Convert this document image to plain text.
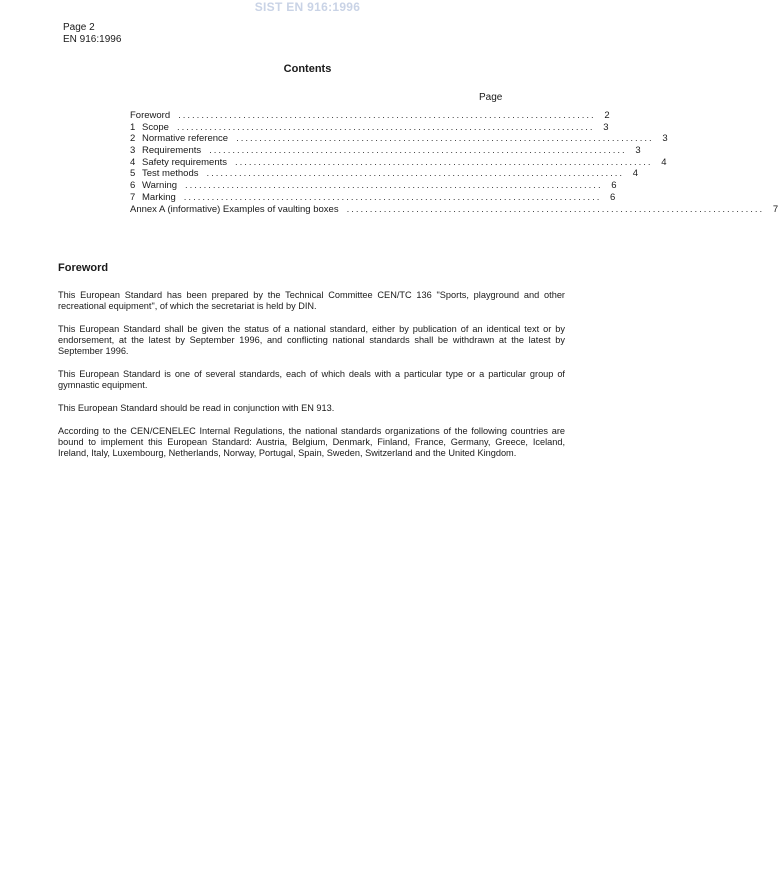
SIST EN 916:1996
Page 2
EN 916:1996
Contents
Page
Foreword .......................................................................................... 2
1 Scope .......................................................................................... 3
2 Normative reference .......................................................................................... 3
3 Requirements .......................................................................................... 3
4 Safety requirements .......................................................................................... 4
5 Test methods .......................................................................................... 4
6 Warning .......................................................................................... 6
7 Marking .......................................................................................... 6
Annex A (informative) Examples of vaulting boxes .......................................................................................... 7
Foreword

This European Standard has been prepared by the Technical Committee CEN/TC 136 "Sports, playground and other recreational equipment", of which the secretariat is held by DIN.

This European Standard shall be given the status of a national standard, either by publication of an identical text or by endorsement, at the latest by September 1996, and conflicting national standards shall be withdrawn at the latest by September 1996.

This European Standard is one of several standards, each of which deals with a particular type or a particular group of gymnastic equipment.

This European Standard should be read in conjunction with EN 913.

According to the CEN/CENELEC Internal Regulations, the national standards organizations of the following countries are bound to implement this European Standard: Austria, Belgium, Denmark, Finland, France, Germany, Greece, Iceland, Ireland, Italy, Luxembourg, Netherlands, Norway, Portugal, Spain, Sweden, Switzerland and the United Kingdom.
